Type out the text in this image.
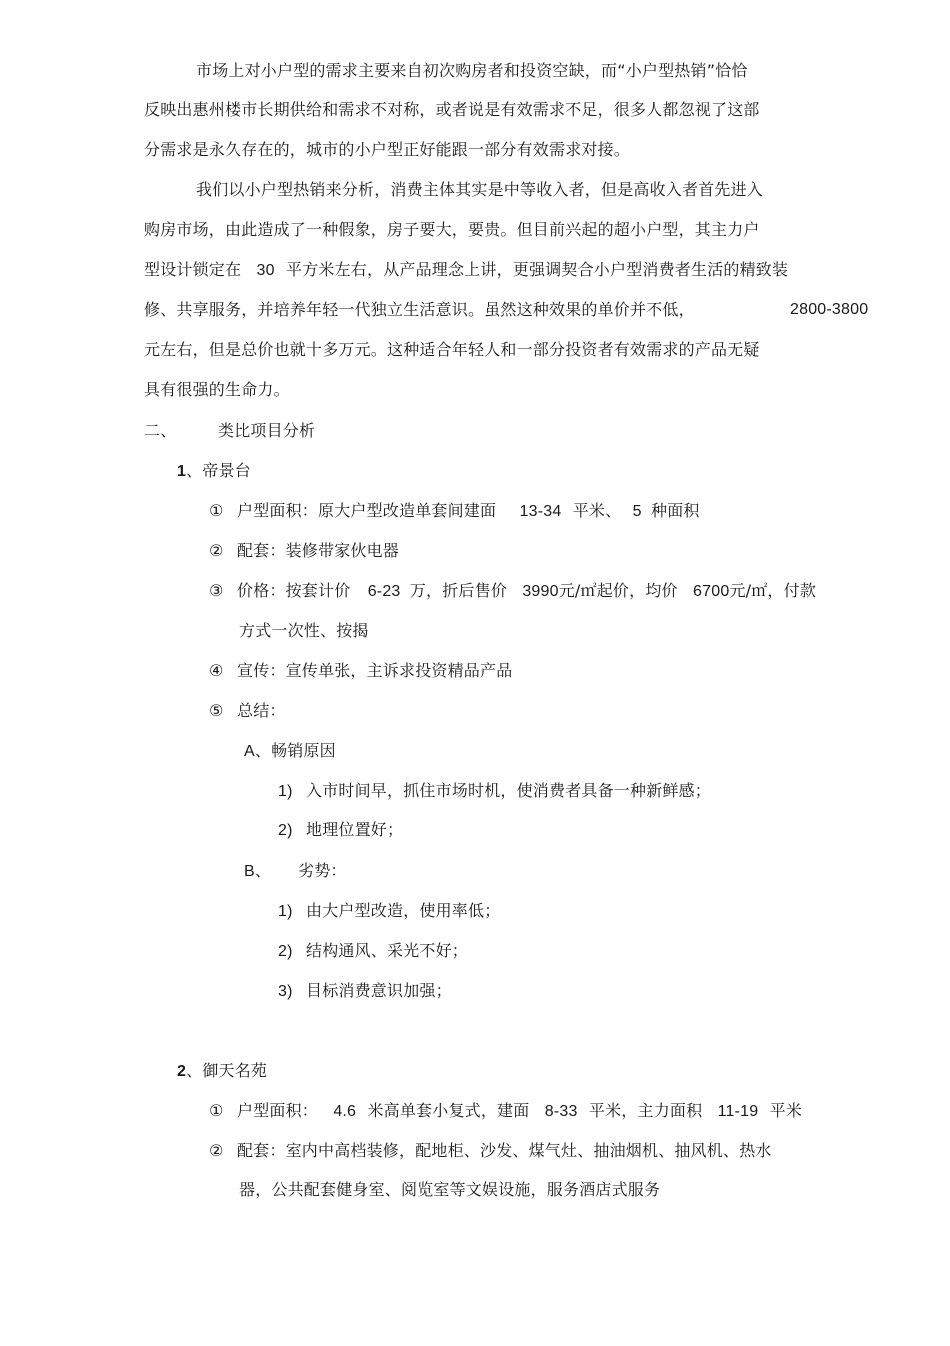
市场上对小户型的需求主要来自初次购房者和投资空缺，而“小户型热销”恰恰
反映出惠州楼市长期供给和需求不对称，或者说是有效需求不足，很多人都忽视了这部
分需求是永久存在的，城市的小户型正好能跟一部分有效需求对接。
我们以小户型热销来分析，消费主体其实是中等收入者，但是高收入者首先进入
购房市场，由此造成了一种假象，房子要大，要贵。但目前兴起的超小户型，其主力户
型设计锁定在 30 平方米左右，从产品理念上讲，更强调契合小户型消费者生活的精致装
修、共享服务，并培养年轻一代独立生活意识。虽然这种效果的单价并不低，	2800-3800
元左右，但是总价也就十多万元。这种适合年轻人和一部分投资者有效需求的产品无疑
具有很强的生命力。
二、	类比项目分析
1、帝景台
① 户型面积：原大户型改造单套间建面 13-34 平米、 5 种面积
② 配套：装修带家伙电器
③ 价格：按套计价 6-23 万，折后售价 3990元/㎡起价，均价 6700元/㎡，付款
方式一次性、按揭
④ 宣传：宣传单张，主诉求投资精品产品
⑤ 总结：
A、畅销原因
1) 入市时间早，抓住市场时机，使消费者具备一种新鲜感；
2) 地理位置好；
B、 劣势：
1) 由大户型改造，使用率低；
2) 结构通风、采光不好；
3) 目标消费意识加强；
2、御天名苑
① 户型面积： 4.6 米高单套小复式，建面 8-33 平米，主力面积 11-19 平米
② 配套：室内中高档装修，配地柜、沙发、煤气灶、抽油烟机、抽风机、热水
器，公共配套健身室、阅览室等文娱设施，服务酒店式服务
